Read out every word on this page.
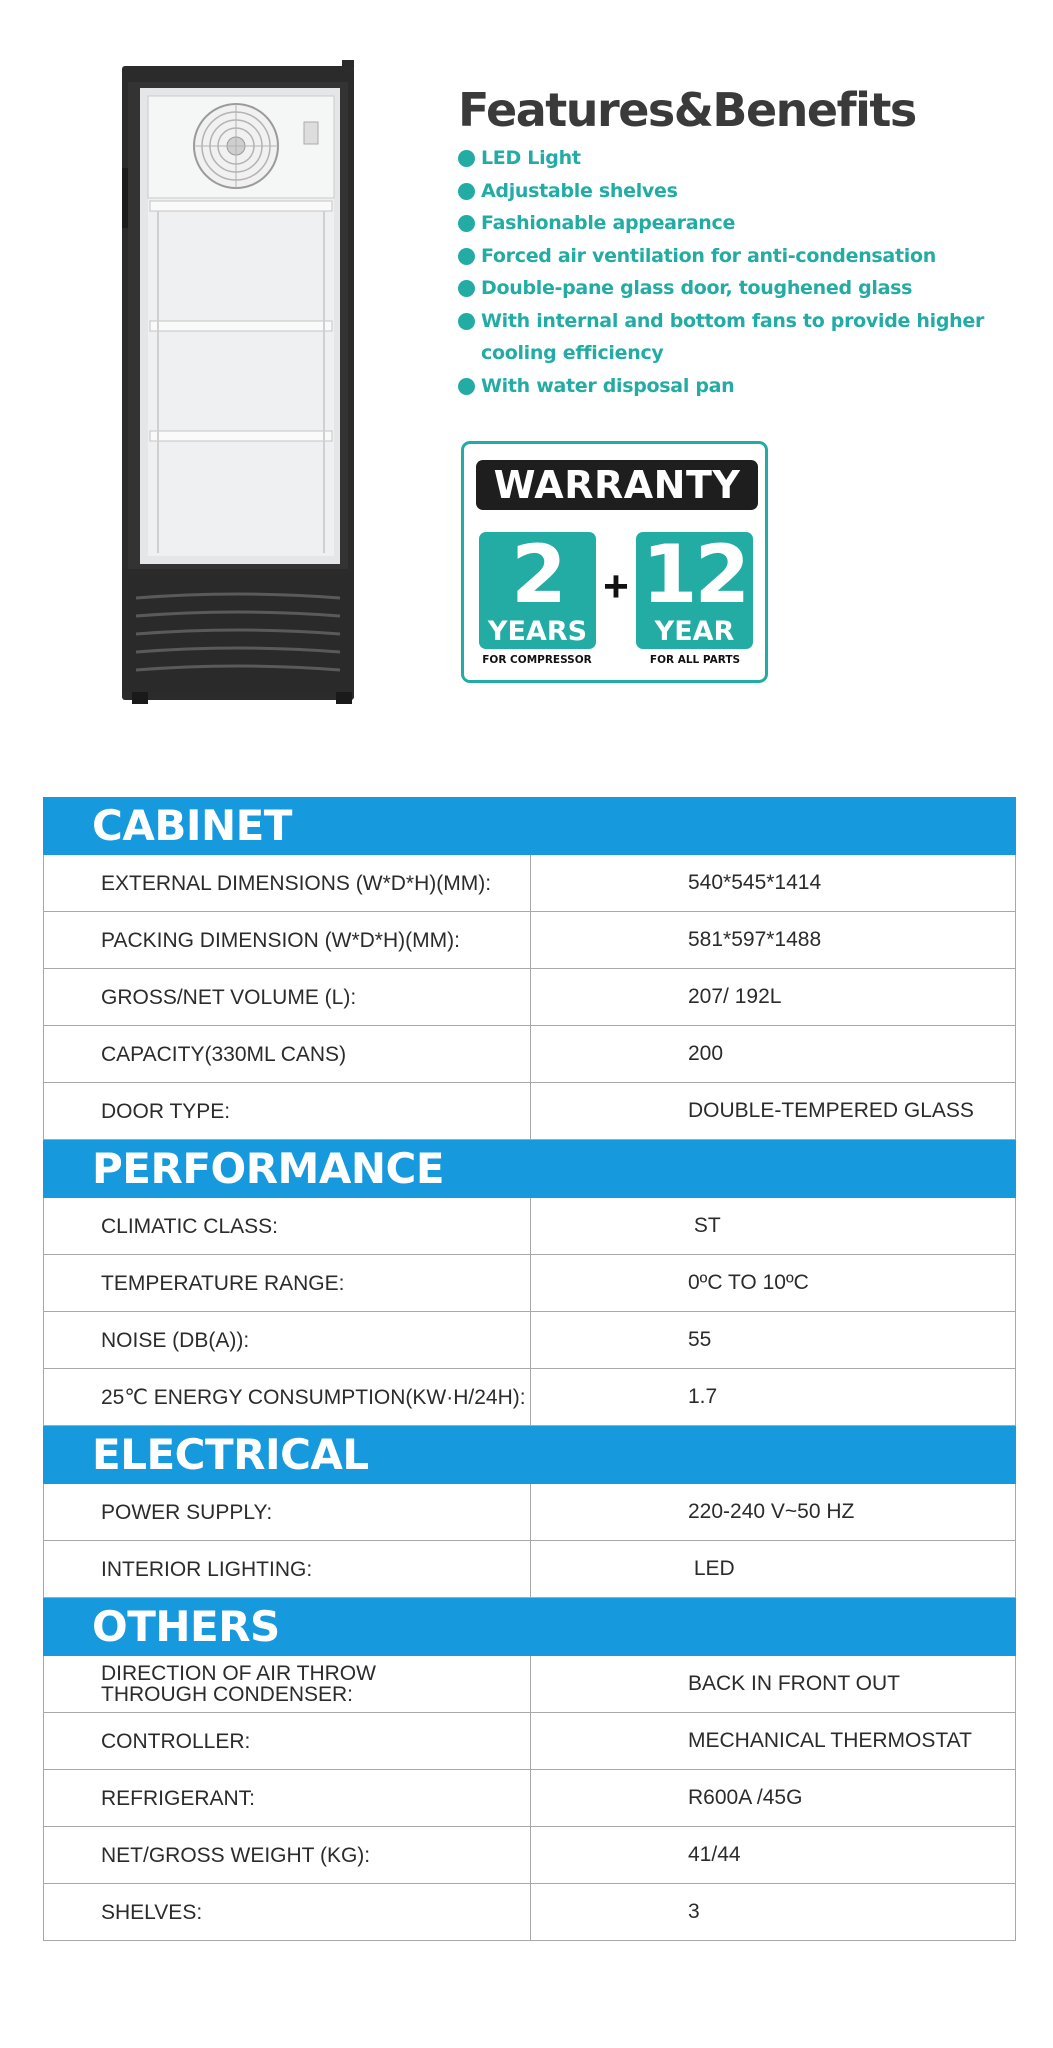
Features&Benefits
LED Light
Adjustable shelves
Fashionable appearance
Forced air ventilation for anti-condensation
Double-pane glass door, toughened glass
With internal and bottom fans to provide higher cooling efficiency
With water disposal pan
WARRANTY
2
YEARS
+ 12
YEAR
FOR COMPRESSOR	FOR ALL PARTS
CABINET
EXTERNAL DIMENSIONS (W*D*H)(MM):	540*545*1414
PACKING DIMENSION (W*D*H)(MM):	581*597*1488
GROSS/NET VOLUME (L):	207/ 192L
CAPACITY(330ML CANS)	200
DOOR TYPE:	DOUBLE-TEMPERED GLASS
PERFORMANCE
CLIMATIC CLASS:	ST
TEMPERATURE RANGE:	0ºC TO 10ºC
NOISE (DB(A)):	55
25℃ ENERGY CONSUMPTION(KW·H/24H):	1.7
ELECTRICAL
POWER SUPPLY:	220-240 V~50 HZ
INTERIOR LIGHTING:	LED
OTHERS
DIRECTION OF AIR THROW
THROUGH CONDENSER:	BACK IN FRONT OUT
CONTROLLER:	MECHANICAL THERMOSTAT
REFRIGERANT:	R600A /45G
NET/GROSS WEIGHT (KG):	41/44
SHELVES:	3
